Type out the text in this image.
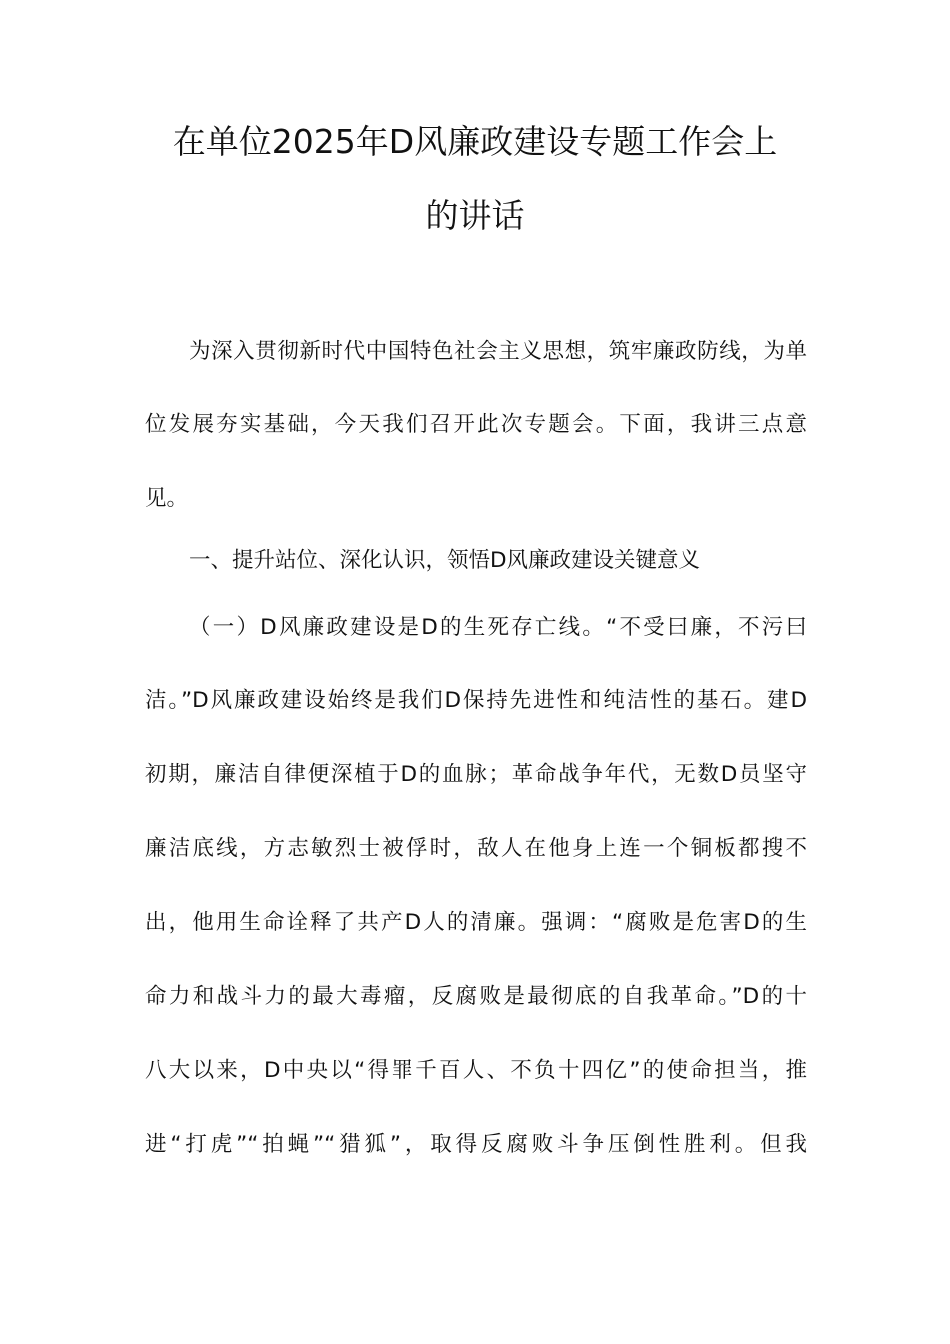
在单位2025年D风廉政建设专题工作会上
的讲话
为深入贯彻新时代中国特色社会主义思想，筑牢廉政防线，为单
位发展夯实基础，今天我们召开此次专题会。下面，我讲三点意
见。
一、提升站位、深化认识，领悟D风廉政建设关键意义
（一）D风廉政建设是D的生死存亡线。“不受曰廉，不污曰
洁。”D风廉政建设始终是我们D保持先进性和纯洁性的基石。建D
初期，廉洁自律便深植于D的血脉；革命战争年代，无数D员坚守
廉洁底线，方志敏烈士被俘时，敌人在他身上连一个铜板都搜不
出，他用生命诠释了共产D人的清廉。强调：“腐败是危害D的生
命力和战斗力的最大毒瘤，反腐败是最彻底的自我革命。”D的十
八大以来，D中央以“得罪千百人、不负十四亿”的使命担当，推
进“打虎”“拍蝇”“猎狐”，取得反腐败斗争压倒性胜利。但我
